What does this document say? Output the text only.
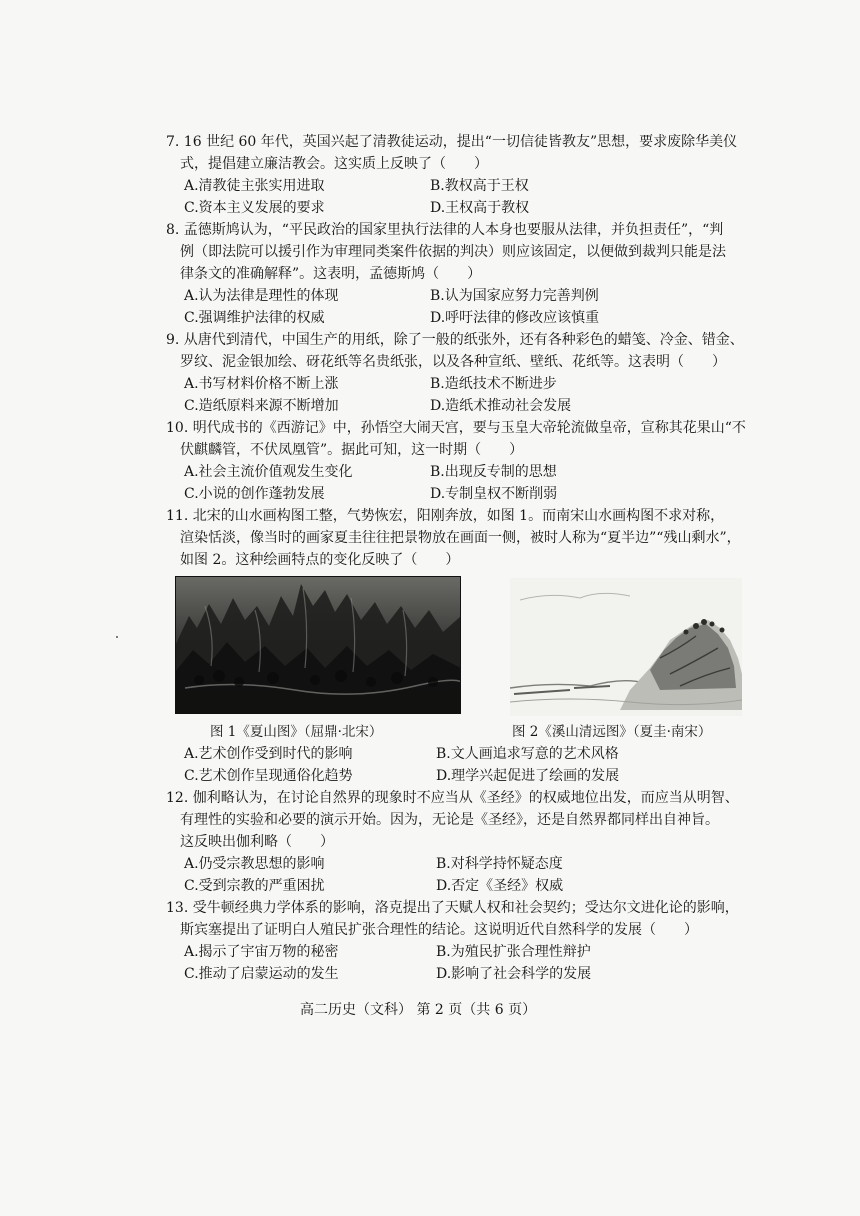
7. 16 世纪 60 年代，英国兴起了清教徒运动，提出“一切信徒皆教友”思想，要求废除华美仪
式，提倡建立廉洁教会。这实质上反映了（　　）
A.清教徒主张实用进取	B.教权高于王权
C.资本主义发展的要求	D.王权高于教权
8. 孟德斯鸠认为，“平民政治的国家里执行法律的人本身也要服从法律，并负担责任”，“判
例（即法院可以援引作为审理同类案件依据的判决）则应该固定，以便做到裁判只能是法
律条文的准确解释”。这表明，孟德斯鸠（　　）
A.认为法律是理性的体现	B.认为国家应努力完善判例
C.强调维护法律的权威	D.呼吁法律的修改应该慎重
9. 从唐代到清代，中国生产的用纸，除了一般的纸张外，还有各种彩色的蜡笺、冷金、错金、
罗纹、泥金银加绘、砑花纸等名贵纸张，以及各种宣纸、壁纸、花纸等。这表明（　　）
A.书写材料价格不断上涨	B.造纸技术不断进步
C.造纸原料来源不断增加	D.造纸术推动社会发展
10. 明代成书的《西游记》中，孙悟空大闹天宫，要与玉皇大帝轮流做皇帝，宣称其花果山“不
伏麒麟管，不伏凤凰管”。据此可知，这一时期（　　）
A.社会主流价值观发生变化	B.出现反专制的思想
C.小说的创作蓬勃发展	D.专制皇权不断削弱
11. 北宋的山水画构图工整，气势恢宏，阳刚奔放，如图 1。而南宋山水画构图不求对称，
渲染恬淡，像当时的画家夏圭往往把景物放在画面一侧，被时人称为“夏半边”“残山剩水”，
如图 2。这种绘画特点的变化反映了（　　）
图 1《夏山图》（屈鼎·北宋）	图 2《溪山清远图》（夏圭·南宋）
A.艺术创作受到时代的影响	B.文人画追求写意的艺术风格
C.艺术创作呈现通俗化趋势	D.理学兴起促进了绘画的发展
12. 伽利略认为，在讨论自然界的现象时不应当从《圣经》的权威地位出发，而应当从明智、
有理性的实验和必要的演示开始。因为，无论是《圣经》，还是自然界都同样出自神旨。
这反映出伽利略（　　）
A.仍受宗教思想的影响	B.对科学持怀疑态度
C.受到宗教的严重困扰	D.否定《圣经》权威
13. 受牛顿经典力学体系的影响，洛克提出了天赋人权和社会契约；受达尔文进化论的影响，
斯宾塞提出了证明白人殖民扩张合理性的结论。这说明近代自然科学的发展（　　）
A.揭示了宇宙万物的秘密	B.为殖民扩张合理性辩护
C.推动了启蒙运动的发生	D.影响了社会科学的发展
高二历史（文科） 第 2 页（共 6 页）
